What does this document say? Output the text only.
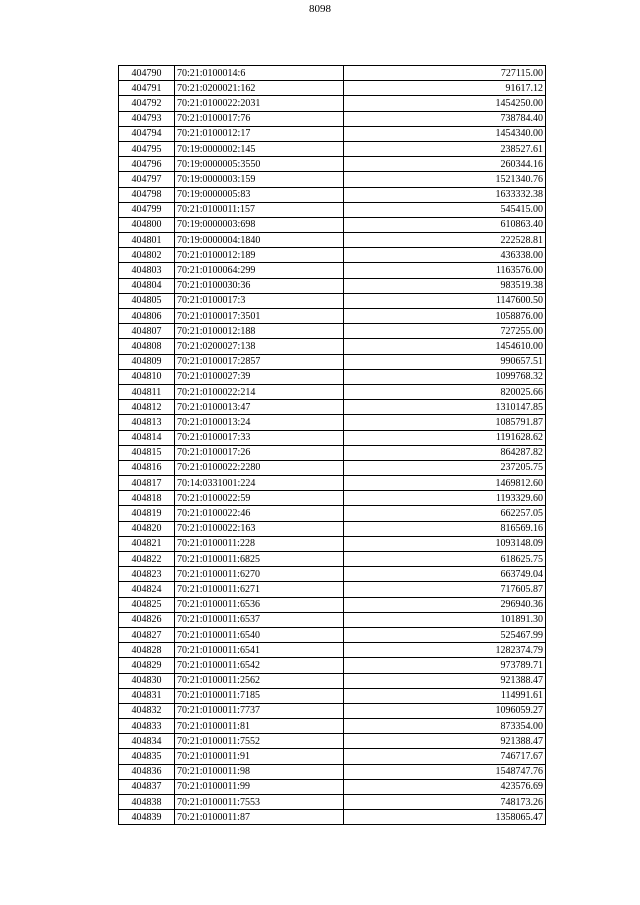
8098
404790	70:21:0100014:6	727115.00
404791	70:21:0200021:162	91617.12
404792	70:21:0100022:2031	1454250.00
404793	70:21:0100017:76	738784.40
404794	70:21:0100012:17	1454340.00
404795	70:19:0000002:145	238527.61
404796	70:19:0000005:3550	260344.16
404797	70:19:0000003:159	1521340.76
404798	70:19:0000005:83	1633332.38
404799	70:21:0100011:157	545415.00
404800	70:19:0000003:698	610863.40
404801	70:19:0000004:1840	222528.81
404802	70:21:0100012:189	436338.00
404803	70:21:0100064:299	1163576.00
404804	70:21:0100030:36	983519.38
404805	70:21:0100017:3	1147600.50
404806	70:21:0100017:3501	1058876.00
404807	70:21:0100012:188	727255.00
404808	70:21:0200027:138	1454610.00
404809	70:21:0100017:2857	990657.51
404810	70:21:0100027:39	1099768.32
404811	70:21:0100022:214	820025.66
404812	70:21:0100013:47	1310147.85
404813	70:21:0100013:24	1085791.87
404814	70:21:0100017:33	1191628.62
404815	70:21:0100017:26	864287.82
404816	70:21:0100022:2280	237205.75
404817	70:14:0331001:224	1469812.60
404818	70:21:0100022:59	1193329.60
404819	70:21:0100022:46	662257.05
404820	70:21:0100022:163	816569.16
404821	70:21:0100011:228	1093148.09
404822	70:21:0100011:6825	618625.75
404823	70:21:0100011:6270	663749.04
404824	70:21:0100011:6271	717605.87
404825	70:21:0100011:6536	296940.36
404826	70:21:0100011:6537	101891.30
404827	70:21:0100011:6540	525467.99
404828	70:21:0100011:6541	1282374.79
404829	70:21:0100011:6542	973789.71
404830	70:21:0100011:2562	921388.47
404831	70:21:0100011:7185	114991.61
404832	70:21:0100011:7737	1096059.27
404833	70:21:0100011:81	873354.00
404834	70:21:0100011:7552	921388.47
404835	70:21:0100011:91	746717.67
404836	70:21:0100011:98	1548747.76
404837	70:21:0100011:99	423576.69
404838	70:21:0100011:7553	748173.26
404839	70:21:0100011:87	1358065.47
